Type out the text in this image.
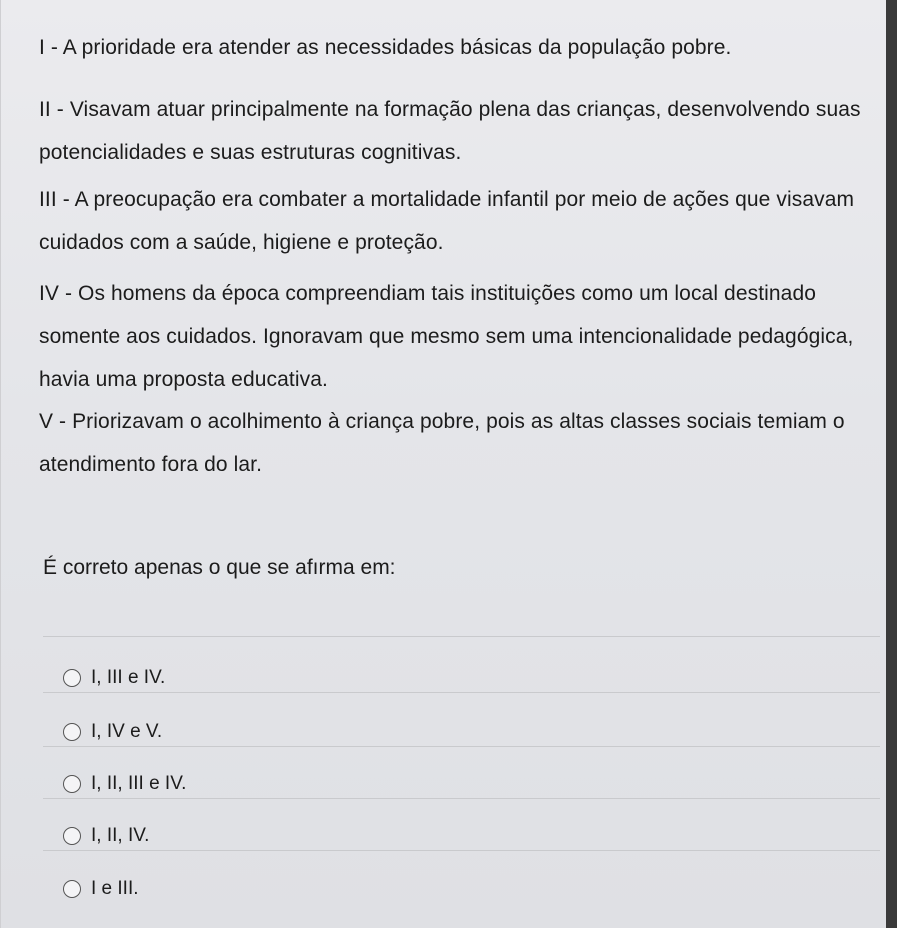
I - A prioridade era atender as necessidades básicas da população pobre.

II - Visavam atuar principalmente na formação plena das crianças, desenvolvendo suas potencialidades e suas estruturas cognitivas.

III - A preocupação era combater a mortalidade infantil por meio de ações que visavam cuidados com a saúde, higiene e proteção.

IV - Os homens da época compreendiam tais instituições como um local destinado somente aos cuidados. Ignoravam que mesmo sem uma intencionalidade pedagógica, havia uma proposta educativa.

V - Priorizavam o acolhimento à criança pobre, pois as altas classes sociais temiam o atendimento fora do lar.

É correto apenas o que se afırma em:

I, III e IV.
I, IV e V.
I, II, III e IV.
I, II, IV.
I e III.
